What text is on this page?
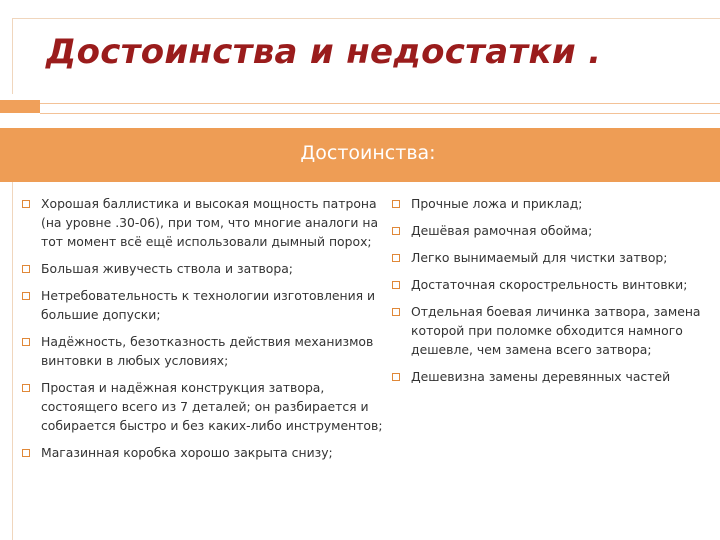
Достоинства и недостатки .
Достоинства:
Хорошая баллистика и высокая мощность патрона (на уровне .30-06), при том, что многие аналоги на тот момент всё ещё использовали дымный порох;
Большая живучесть ствола и затвора;
Нетребовательность к технологии изготовления и большие допуски;
Надёжность, безотказность действия механизмов винтовки в любых условиях;
Простая и надёжная конструкция затвора, состоящего всего из 7 деталей; он разбирается и собирается быстро и без каких-либо инструментов;
Магазинная коробка хорошо закрыта снизу;
Прочные ложа и приклад;
Дешёвая рамочная обойма;
Легко вынимаемый для чистки затвор;
Достаточная скорострельность винтовки;
Отдельная боевая личинка затвора, замена которой при поломке обходится намного дешевле, чем замена всего затвора;
Дешевизна замены деревянных частей
